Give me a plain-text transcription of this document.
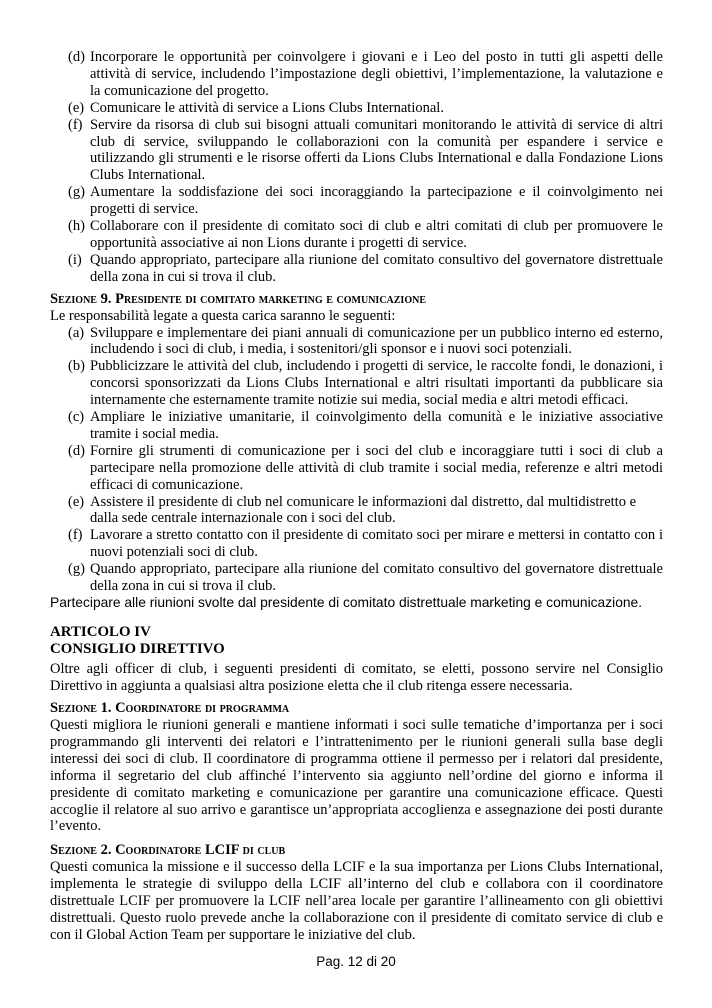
(d) Incorporare le opportunità per coinvolgere i giovani e i Leo del posto in tutti gli aspetti delle attività di service, includendo l’impostazione degli obiettivi, l’implementazione, la valutazione e la comunicazione del progetto.
(e) Comunicare le attività di service a Lions Clubs International.
(f) Servire da risorsa di club sui bisogni attuali comunitari monitorando le attività di service di altri club di service, sviluppando le collaborazioni con la comunità per espandere i service e utilizzando gli strumenti e le risorse offerti da Lions Clubs International e dalla Fondazione Lions Clubs International.
(g) Aumentare la soddisfazione dei soci incoraggiando la partecipazione e il coinvolgimento nei progetti di service.
(h) Collaborare con il presidente di comitato soci di club e altri comitati di club per promuovere le opportunità associative ai non Lions durante i progetti di service.
(i) Quando appropriato, partecipare alla riunione del comitato consultivo del governatore distrettuale della zona in cui si trova il club.

Sezione 9. Presidente di comitato marketing e comunicazione

Le responsabilità legate a questa carica saranno le seguenti:

(a) Sviluppare e implementare dei piani annuali di comunicazione per un pubblico interno ed esterno, includendo i soci di club, i media, i sostenitori/gli sponsor e i nuovi soci potenziali.
(b) Pubblicizzare le attività del club, includendo i progetti di service, le raccolte fondi, le donazioni, i concorsi sponsorizzati da Lions Clubs International e altri risultati importanti da pubblicare sia internamente che esternamente tramite notizie sui media, social media e altri metodi efficaci.
(c) Ampliare le iniziative umanitarie, il coinvolgimento della comunità e le iniziative associative tramite i social media.
(d) Fornire gli strumenti di comunicazione per i soci del club e incoraggiare tutti i soci di club a partecipare nella promozione delle attività di club tramite i social media, referenze e altri metodi efficaci di comunicazione.
(e) Assistere il presidente di club nel comunicare le informazioni dal distretto, dal multidistretto e dalla sede centrale internazionale con i soci del club.
(f) Lavorare a stretto contatto con il presidente di comitato soci per mirare e mettersi in contatto con i nuovi potenziali soci di club.
(g) Quando appropriato, partecipare alla riunione del comitato consultivo del governatore distrettuale della zona in cui si trova il club.

Partecipare alle riunioni svolte dal presidente di comitato distrettuale marketing e comunicazione.

ARTICOLO IV

CONSIGLIO DIRETTIVO

Oltre agli officer di club, i seguenti presidenti di comitato, se eletti, possono servire nel Consiglio Direttivo in aggiunta a qualsiasi altra posizione eletta che il club ritenga essere necessaria.

Sezione 1. Coordinatore di programma

Questi migliora le riunioni generali e mantiene informati i soci sulle tematiche d’importanza per i soci programmando gli interventi dei relatori e l’intrattenimento per le riunioni generali sulla base degli interessi dei soci di club. Il coordinatore di programma ottiene il permesso per i relatori dal presidente, informa il segretario del club affinché l’intervento sia aggiunto nell’ordine del giorno e informa il presidente di comitato marketing e comunicazione per garantire una comunicazione efficace. Questi accoglie il relatore al suo arrivo e garantisce un’appropriata accoglienza e assegnazione dei posti durante l’evento.

Sezione 2. Coordinatore LCIF di club

Questi comunica la missione e il successo della LCIF e la sua importanza per Lions Clubs International, implementa le strategie di sviluppo della LCIF all’interno del club e collabora con il coordinatore distrettuale LCIF per promuovere la LCIF nell’area locale per garantire l’allineamento con gli obiettivi distrettuali. Questo ruolo prevede anche la collaborazione con il presidente di comitato service di club e con il Global Action Team per supportare le iniziative del club.

Pag. 12 di 20
